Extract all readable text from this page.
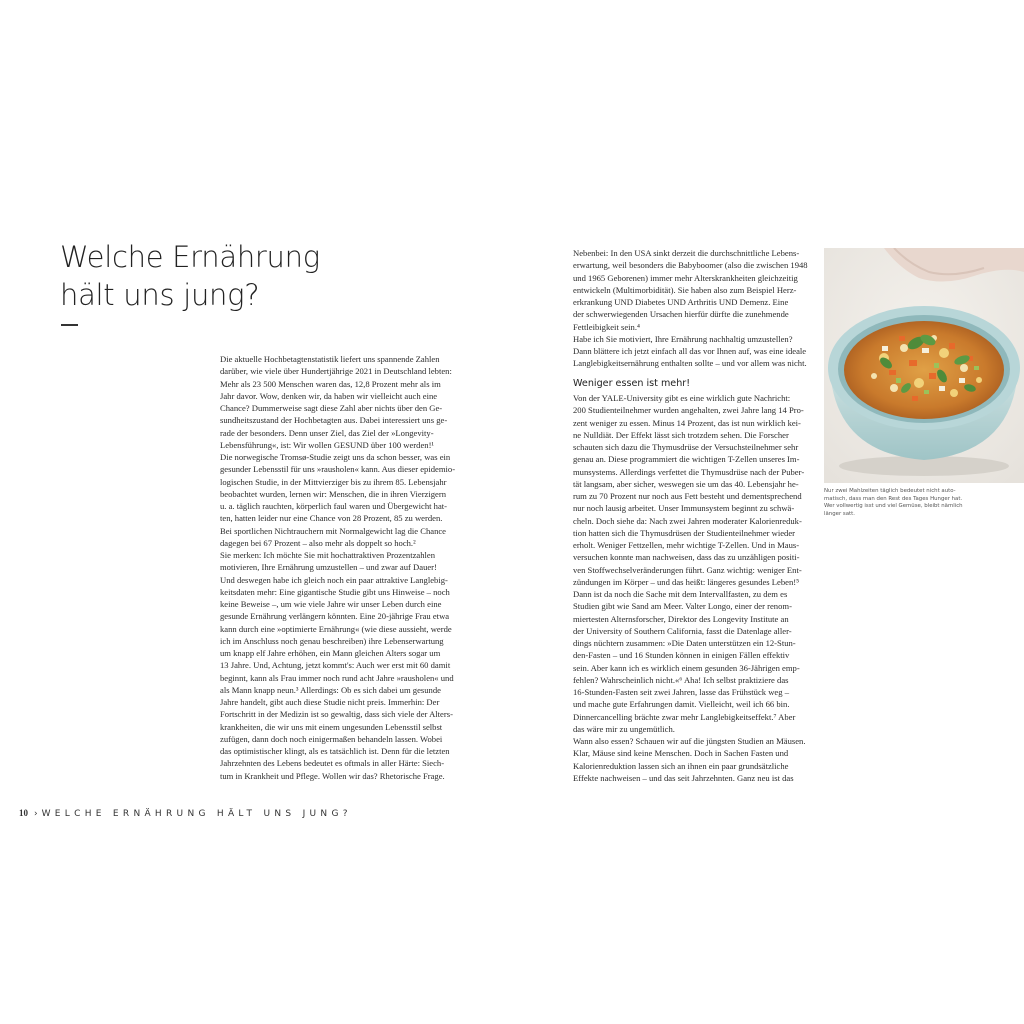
Welche Ernährung
hält uns jung?
Die aktuelle Hochbetagtenstatistik liefert uns spannende Zahlen
darüber, wie viele über Hundertjährige 2021 in Deutschland lebten:
Mehr als 23 500 Menschen waren das, 12,8 Prozent mehr als im
Jahr davor. Wow, denken wir, da haben wir vielleicht auch eine
Chance? Dummerweise sagt diese Zahl aber nichts über den Ge-
sundheitszustand der Hochbetagten aus. Dabei interessiert uns ge-
rade der besonders. Denn unser Ziel, das Ziel der »Longevity-
Lebensführung«, ist: Wir wollen GESUND über 100 werden!¹
Die norwegische Tromsø-Studie zeigt uns da schon besser, was ein
gesunder Lebensstil für uns »rausholen« kann. Aus dieser epidemio-
logischen Studie, in der Mittvierziger bis zu ihrem 85. Lebensjahr
beobachtet wurden, lernen wir: Menschen, die in ihren Vierzigern
u. a. täglich rauchten, körperlich faul waren und Übergewicht hat-
ten, hatten leider nur eine Chance von 28 Prozent, 85 zu werden.
Bei sportlichen Nichtrauchern mit Normalgewicht lag die Chance
dagegen bei 67 Prozent – also mehr als doppelt so hoch.²
Sie merken: Ich möchte Sie mit hochattraktiven Prozentzahlen
motivieren, Ihre Ernährung umzustellen – und zwar auf Dauer!
Und deswegen habe ich gleich noch ein paar attraktive Langlebig-
keitsdaten mehr: Eine gigantische Studie gibt uns Hinweise – noch
keine Beweise –, um wie viele Jahre wir unser Leben durch eine
gesunde Ernährung verlängern könnten. Eine 20-jährige Frau etwa
kann durch eine »optimierte Ernährung« (wie diese aussieht, werde
ich im Anschluss noch genau beschreiben) ihre Lebenserwartung
um knapp elf Jahre erhöhen, ein Mann gleichen Alters sogar um
13 Jahre. Und, Achtung, jetzt kommt's: Auch wer erst mit 60 damit
beginnt, kann als Frau immer noch rund acht Jahre »rausholen« und
als Mann knapp neun.³ Allerdings: Ob es sich dabei um gesunde
Jahre handelt, gibt auch diese Studie nicht preis. Immerhin: Der
Fortschritt in der Medizin ist so gewaltig, dass sich viele der Alters-
krankheiten, die wir uns mit einem ungesunden Lebensstil selbst
zufügen, dann doch noch einigermaßen behandeln lassen. Wobei
das optimistischer klingt, als es tatsächlich ist. Denn für die letzten
Jahrzehnten des Lebens bedeutet es oftmals in aller Härte: Siech-
tum in Krankheit und Pflege. Wollen wir das? Rhetorische Frage.
Nebenbei: In den USA sinkt derzeit die durchschnittliche Lebens-
erwartung, weil besonders die Babyboomer (also die zwischen 1948
und 1965 Geborenen) immer mehr Alterskrankheiten gleichzeitig
entwickeln (Multimorbidität). Sie haben also zum Beispiel Herz-
erkrankung UND Diabetes UND Arthritis UND Demenz. Eine
der schwerwiegenden Ursachen hierfür dürfte die zunehmende
Fettleibigkeit sein.⁴
Habe ich Sie motiviert, Ihre Ernährung nachhaltig umzustellen?
Dann blättere ich jetzt einfach all das vor Ihnen auf, was eine ideale
Langlebigkeitsernährung enthalten sollte – und vor allem was nicht.
Weniger essen ist mehr!
Von der YALE-University gibt es eine wirklich gute Nachricht:
200 Studienteilnehmer wurden angehalten, zwei Jahre lang 14 Pro-
zent weniger zu essen. Minus 14 Prozent, das ist nun wirklich kei-
ne Nulldiät. Der Effekt lässt sich trotzdem sehen. Die Forscher
schauten sich dazu die Thymusdrüse der Versuchsteilnehmer sehr
genau an. Diese programmiert die wichtigen T-Zellen unseres Im-
munsystems. Allerdings verfettet die Thymusdrüse nach der Puber-
tät langsam, aber sicher, weswegen sie um das 40. Lebensjahr he-
rum zu 70 Prozent nur noch aus Fett besteht und dementsprechend
nur noch lausig arbeitet. Unser Immunsystem beginnt zu schwä-
cheln. Doch siehe da: Nach zwei Jahren moderater Kalorienreduk-
tion hatten sich die Thymusdrüsen der Studienteilnehmer wieder
erholt. Weniger Fettzellen, mehr wichtige T-Zellen. Und in Maus-
versuchen konnte man nachweisen, dass das zu unzähligen positi-
ven Stoffwechselveränderungen führt. Ganz wichtig: weniger Ent-
zündungen im Körper – und das heißt: längeres gesundes Leben!⁵
Dann ist da noch die Sache mit dem Intervallfasten, zu dem es
Studien gibt wie Sand am Meer. Valter Longo, einer der renom-
miertesten Alternsforscher, Direktor des Longevity Institute an
der University of Southern California, fasst die Datenlage aller-
dings nüchtern zusammen: »Die Daten unterstützen ein 12-Stun-
den-Fasten – und 16 Stunden können in einigen Fällen effektiv
sein. Aber kann ich es wirklich einem gesunden 36-Jährigen emp-
fehlen? Wahrscheinlich nicht.«⁶ Aha! Ich selbst praktiziere das
16-Stunden-Fasten seit zwei Jahren, lasse das Frühstück weg –
und mache gute Erfahrungen damit. Vielleicht, weil ich 66 bin.
Dinnercancelling brächte zwar mehr Langlebigkeitseffekt.⁷ Aber
das wäre mir zu ungemütlich.
Wann also essen? Schauen wir auf die jüngsten Studien an Mäusen.
Klar, Mäuse sind keine Menschen. Doch in Sachen Fasten und
Kalorienreduktion lassen sich an ihnen ein paar grundsätzliche
Effekte nachweisen – und das seit Jahrzehnten. Ganz neu ist das
Nur zwei Mahlzeiten täglich bedeutet nicht auto-
matisch, dass man den Rest des Tages Hunger hat.
Wer vollwertig isst und viel Gemüse, bleibt nämlich
länger satt.
10 › WELCHE ERNÄHRUNG HÄLT UNS JUNG?
